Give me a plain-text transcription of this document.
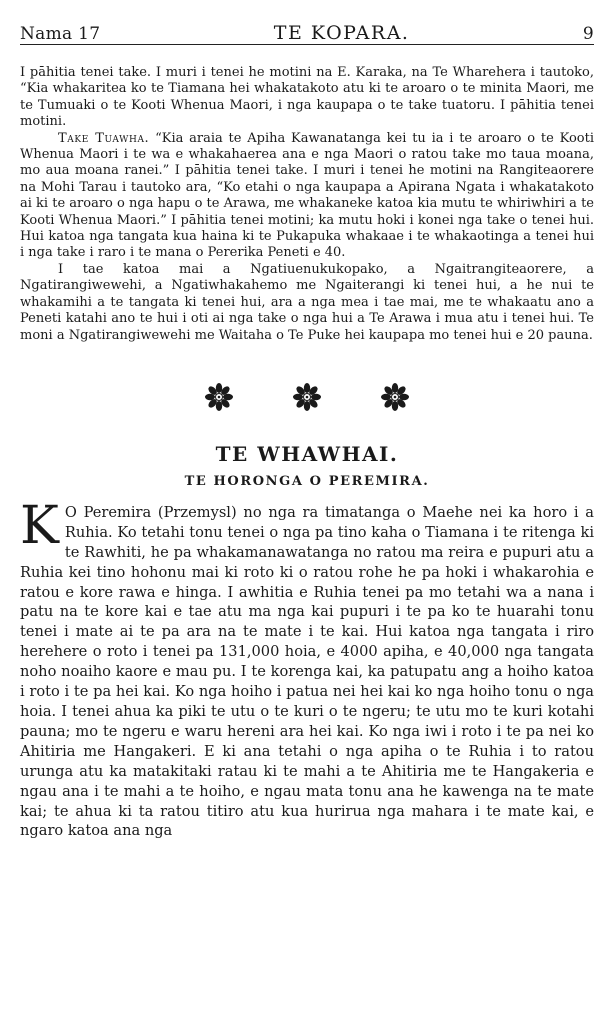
Nama 17	TE KOPARA.	9

I pāhitia tenei take. I muri i tenei he motini na E. Karaka, na Te Wharehera i tautoko, “Kia whakaritea ko te Tiamana hei whakatakoto atu ki te aroaro o te minita Maori, me te Tumuaki o te Kooti Whenua Maori, i nga kaupapa o te take tuatoru. I pāhitia tenei motini.

Take Tuawha. “Kia araia te Apiha Kawanatanga kei tu ia i te aroaro o te Kooti Whenua Maori i te wa e whakahaerea ana e nga Maori o ratou take mo taua moana, mo aua moana ranei.” I pāhitia tenei take. I muri i tenei he motini na Rangiteaorere na Mohi Tarau i tautoko ara, “Ko etahi o nga kaupapa a Apirana Ngata i whakatakoto ai ki te aroaro o nga hapu o te Arawa, me whakaneke katoa kia mutu te whiriwhiri a te Kooti Whenua Maori.” I pāhitia tenei motini; ka mutu hoki i konei nga take o tenei hui. Hui katoa nga tangata kua haina ki te Pukapuka whakaae i te whakaotinga a tenei hui i nga take i raro i te mana o Pererika Peneti e 40.

I tae katoa mai a Ngatiuenukukopako, a Ngaitrangiteaorere, a Ngatirangiwewehi, a Ngatiwhakahemo me Ngaiterangi ki tenei hui, a he nui te whakamihi a te tangata ki tenei hui, ara a nga mea i tae mai, me te whakaatu ano a Peneti katahi ano te hui i oti ai nga take o nga hui a Te Arawa i mua atu i tenei hui. Te moni a Ngatirangiwewehi me Waitaha o Te Puke hei kaupapa mo tenei hui e 20 pauna.

TE WHAWHAI.
TE HORONGA O PEREMIRA.

K O Peremira (Przemysl) no nga ra timatanga o Maehe nei ka horo i a Ruhia. Ko tetahi tonu tenei o nga pa tino kaha o Tiamana i te ritenga ki te Rawhiti, he pa whakamanawatanga no ratou ma reira e pupuri atu a Ruhia kei tino hohonu mai ki roto ki o ratou rohe he pa hoki i whakarohia e ratou e kore rawa e hinga. I awhitia e Ruhia tenei pa mo tetahi wa a nana i patu na te kore kai e tae atu ma nga kai pupuri i te pa ko te huarahi tonu tenei i mate ai te pa ara na te mate i te kai. Hui katoa nga tangata i riro herehere o roto i tenei pa 131,000 hoia, e 4000 apiha, e 40,000 nga tangata noho noaiho kaore e mau pu. I te korenga kai, ka patupatu ang a hoiho katoa i roto i te pa hei kai. Ko nga hoiho i patua nei hei kai ko nga hoiho tonu o nga hoia. I tenei ahua ka piki te utu o te kuri o te ngeru; te utu mo te kuri kotahi pauna; mo te ngeru e waru hereni ara hei kai. Ko nga iwi i roto i te pa nei ko Ahitiria me Hangakeri. E ki ana tetahi o nga apiha o te Ruhia i to ratou urunga atu ka matakitaki ratau ki te mahi a te Ahitiria me te Hangakeria e ngau ana i te mahi a te hoiho, e ngau mata tonu ana he kawenga na te mate kai; te ahua ki ta ratou titiro atu kua hurirua nga mahara i te mate kai, e ngaro katoa ana nga
